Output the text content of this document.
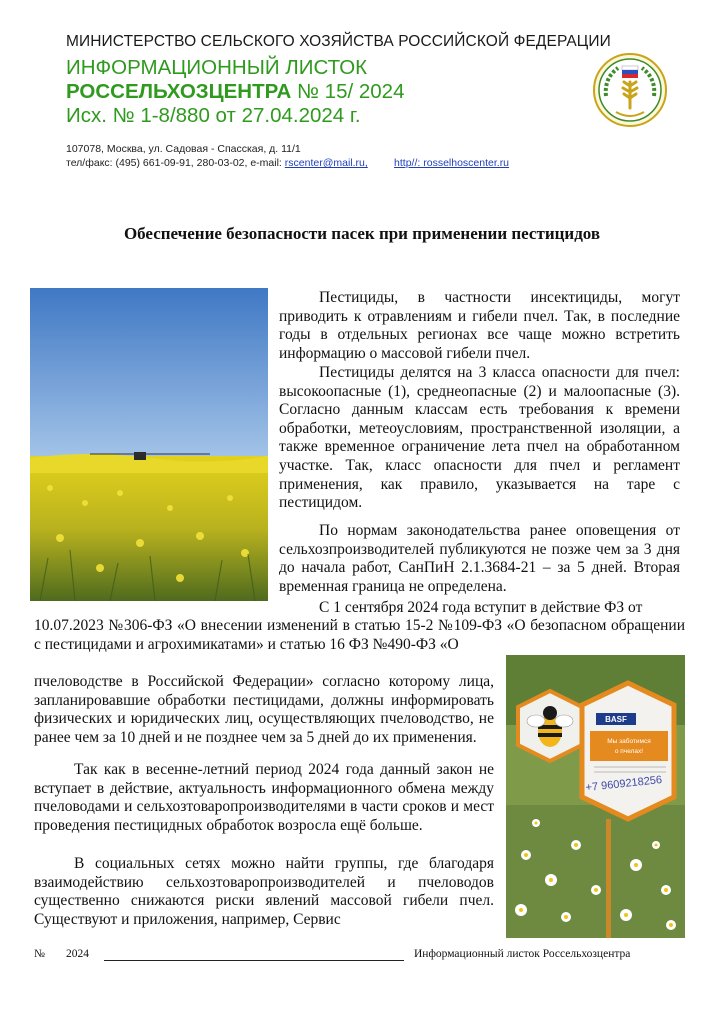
МИНИСТЕРСТВО СЕЛЬСКОГО ХОЗЯЙСТВА РОССИЙСКОЙ ФЕДЕРАЦИИ
ИНФОРМАЦИОННЫЙ ЛИСТОК
РОССЕЛЬХОЗЦЕНТРА № 15/ 2024
Исх. № 1-8/880 от 27.04.2024 г.
107078, Москва, ул. Садовая - Спасская, д. 11/1
тел/факс: (495) 661-09-91, 280-03-02, e-mail: rscenter@mail.ru,	http//: rosselhoscenter.ru
Обеспечение безопасности пасек при применении пестицидов

Пестициды, в частности инсектициды, могут приводить к отравлениям и гибели пчел. Так, в последние годы в отдельных регионах все чаще можно встретить информацию о массовой гибели пчел.

Пестициды делятся на 3 класса опасности для пчел: высокоопасные (1), среднеопасные (2) и малоопасные (3). Согласно данным классам есть требования к времени обработки, метеоусловиям, пространственной изоляции, а также временное ограничение лета пчел на обработанном участке. Так, класс опасности для пчел и регламент применения, как правило, указывается на таре с пестицидом.

По нормам законодательства ранее оповещения от сельхозпроизводителей публикуются не позже чем за 3 дня до начала работ, СанПиН 2.1.3684-21 – за 5 дней. Вторая временная граница не определена.

С 1 сентября 2024 года вступит в действие ФЗ от

10.07.2023 №306-ФЗ «О внесении изменений в статью 15-2 №109-ФЗ «О безопасном обращении с пестицидами и агрохимикатами» и статью 16 ФЗ №490-ФЗ «О

пчеловодстве в Российской Федерации» согласно которому лица, запланировавшие обработки пестицидами, должны информировать физических и юридических лиц, осуществляющих пчеловодство, не ранее чем за 10 дней и не позднее чем за 5 дней до их применения.

Так как в весенне-летний период 2024 года данный закон не вступает в действие, актуальность информационного обмена между пчеловодами и сельхозтоваропроизводителями в части сроков и мест проведения пестицидных обработок возросла ещё больше.

В социальных сетях можно найти группы, где благодаря взаимодействию сельхозтоваропроизводителей и пчеловодов существенно снижаются риски явлений массовой гибели пчел. Существуют и приложения, например, Сервис

BASF
Мы заботимся
о пчелах!
+7 9609218256
№ 2024	Информационный листок Россельхозцентра
